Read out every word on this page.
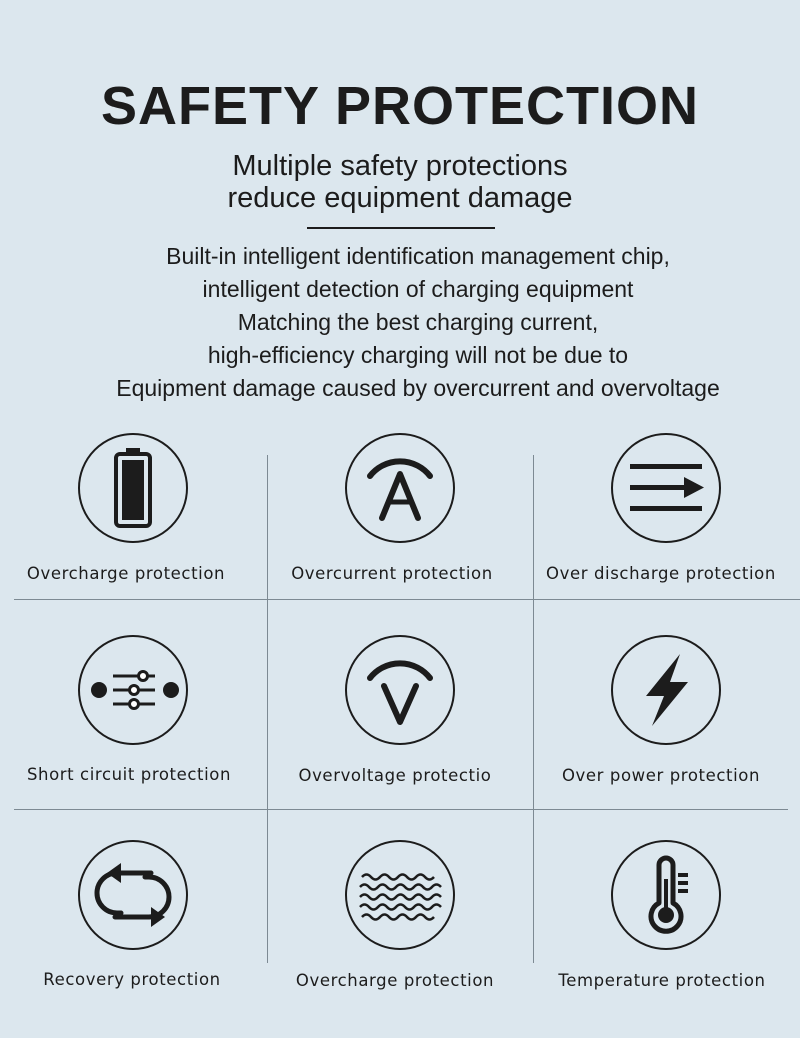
SAFETY PROTECTION
Multiple safety protections
reduce equipment damage
Built-in intelligent identification management chip,
intelligent detection of charging equipment
Matching the best charging current,
high-efficiency charging will not be due to
Equipment damage caused by overcurrent and overvoltage
Overcharge protection	Overcurrent protection	Over discharge protection
Short circuit protection	Overvoltage protectio	Over power protection
Recovery protection	Overcharge protection	Temperature protection
